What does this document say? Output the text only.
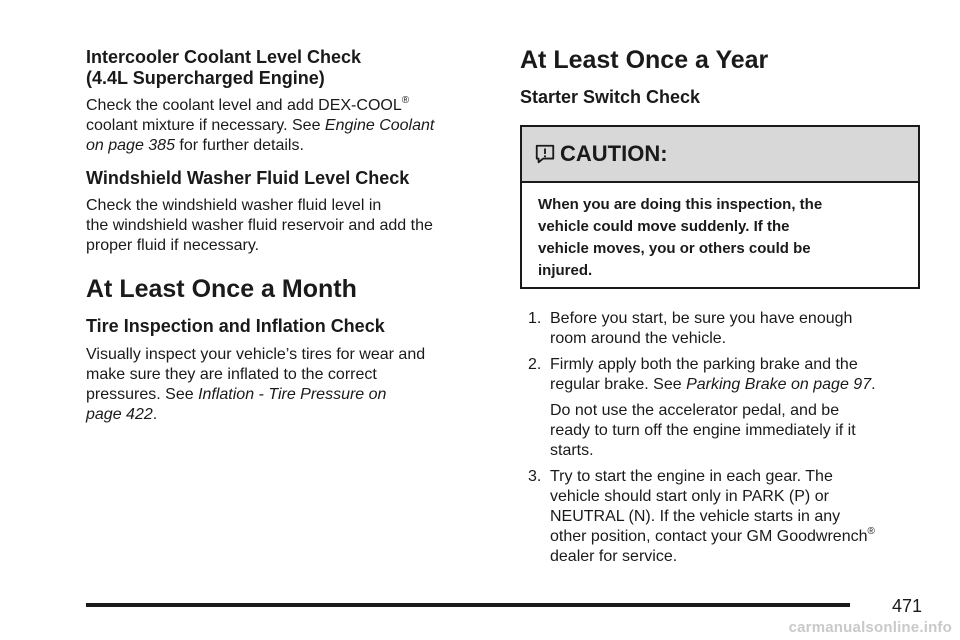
Intercooler Coolant Level Check
(4.4L Supercharged Engine)
Check the coolant level and add DEX-COOL®
coolant mixture if necessary. See Engine Coolant
on page 385 for further details.
Windshield Washer Fluid Level Check
Check the windshield washer fluid level in
the windshield washer fluid reservoir and add the
proper fluid if necessary.
At Least Once a Month
Tire Inspection and Inflation Check
Visually inspect your vehicle’s tires for wear and
make sure they are inflated to the correct
pressures. See Inflation - Tire Pressure on
page 422.
At Least Once a Year
Starter Switch Check
CAUTION:
When you are doing this inspection, the
vehicle could move suddenly. If the
vehicle moves, you or others could be
injured.
1. Before you start, be sure you have enough
room around the vehicle.
2. Firmly apply both the parking brake and the
regular brake. See Parking Brake on page 97.
Do not use the accelerator pedal, and be
ready to turn off the engine immediately if it
starts.
3. Try to start the engine in each gear. The
vehicle should start only in PARK (P) or
NEUTRAL (N). If the vehicle starts in any
other position, contact your GM Goodwrench®
dealer for service.
471
carmanualsonline.info
